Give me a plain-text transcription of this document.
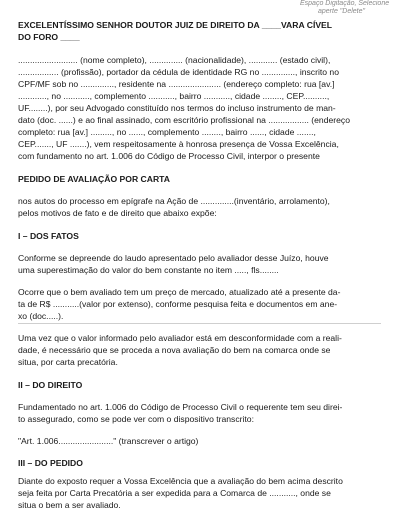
Espaço Digitação, Selecione
aperte "Delete"
EXCELENTÍSSIMO SENHOR DOUTOR JUIZ DE DIREITO DA ____VARA CÍVEL
DO FORO ____
......................... (nome completo), .............. (nacionalidade), ............ (estado civil),
................. (profissão), portador da cédula de identidade RG no .............., inscrito no
CPF/MF sob no .............., residente na ...................... (endereço completo: rua [av.]
............, no ..........., complemento ..........., bairro ..........., cidade ........, CEP..........,
UF........), por seu Advogado constituído nos termos do incluso instrumento de man-
dato (doc. ......) e ao final assinado, com escritório profissional na ................. (endereço
completo: rua [av.] ........., no ......, complemento ........, bairro ......, cidade .......,
CEP......., UF .......), vem respeitosamente à honrosa presença de Vossa Excelência,
com fundamento no art. 1.006 do Código de Processo Civil, interpor o presente
PEDIDO DE AVALIAÇÃO POR CARTA
nos autos do processo em epígrafe na Ação de ..............(inventário, arrolamento),
pelos motivos de fato e de direito que abaixo expõe:
I – DOS FATOS
Conforme se depreende do laudo apresentado pelo avaliador desse Juízo, houve
uma superestimação do valor do bem constante no item ....., fls........
Ocorre que o bem avaliado tem um preço de mercado, atualizado até a presente da-
ta de R$ ...........(valor por extenso), conforme pesquisa feita e documentos em ane-
xo (doc.....).
Uma vez que o valor informado pelo avaliador está em desconformidade com a reali-
dade, é necessário que se proceda a nova avaliação do bem na comarca onde se
situa, por carta precatória.
II – DO DIREITO
Fundamentado no art. 1.006 do Código de Processo Civil o requerente tem seu direi-
to assegurado, como se pode ver com o dispositivo transcrito:
"Art. 1.006......................." (transcrever o artigo)
III – DO PEDIDO
Diante do exposto requer a Vossa Excelência que a avaliação do bem acima descrito
seja feita por Carta Precatória a ser expedida para a Comarca de ..........., onde se
situa o bem a ser avaliado.
